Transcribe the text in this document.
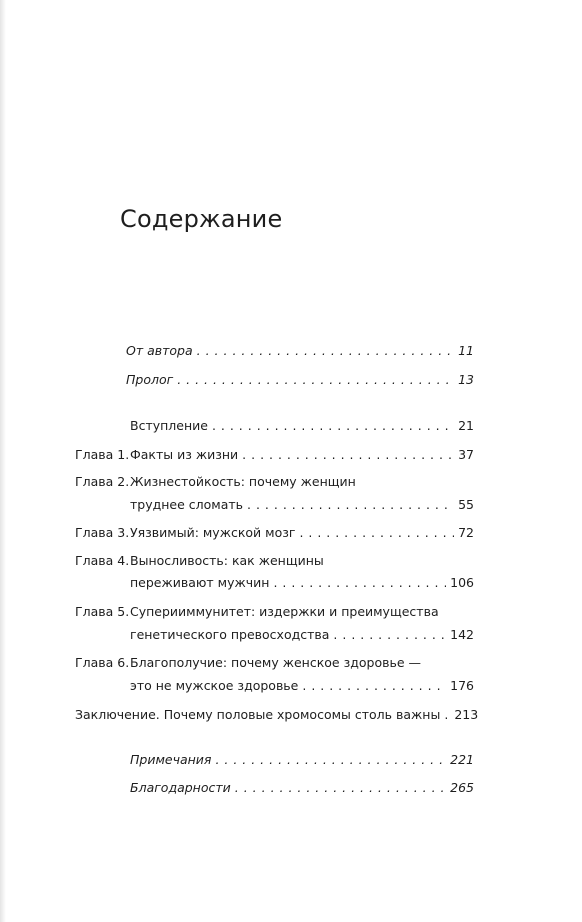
Содержание
От автора . . .	11
Пролог . . .	13
Вступление . . .	21
Глава 1. Факты из жизни . . .	37
Глава 2. Жизнестойкость: почему женщин
труднее сломать . . .	55
Глава 3. Уязвимый: мужской мозг . . .	72
Глава 4. Выносливость: как женщины
переживают мужчин . . .	106
Глава 5. Суперииммунитет: издержки и преимущества
генетического превосходства . . .	142
Глава 6. Благополучие: почему женское здоровье —
это не мужское здоровье . . .	176
Заключение. Почему половые хромосомы столь важны . . . 213
Примечания . . .	221
Благодарности . . .	265
